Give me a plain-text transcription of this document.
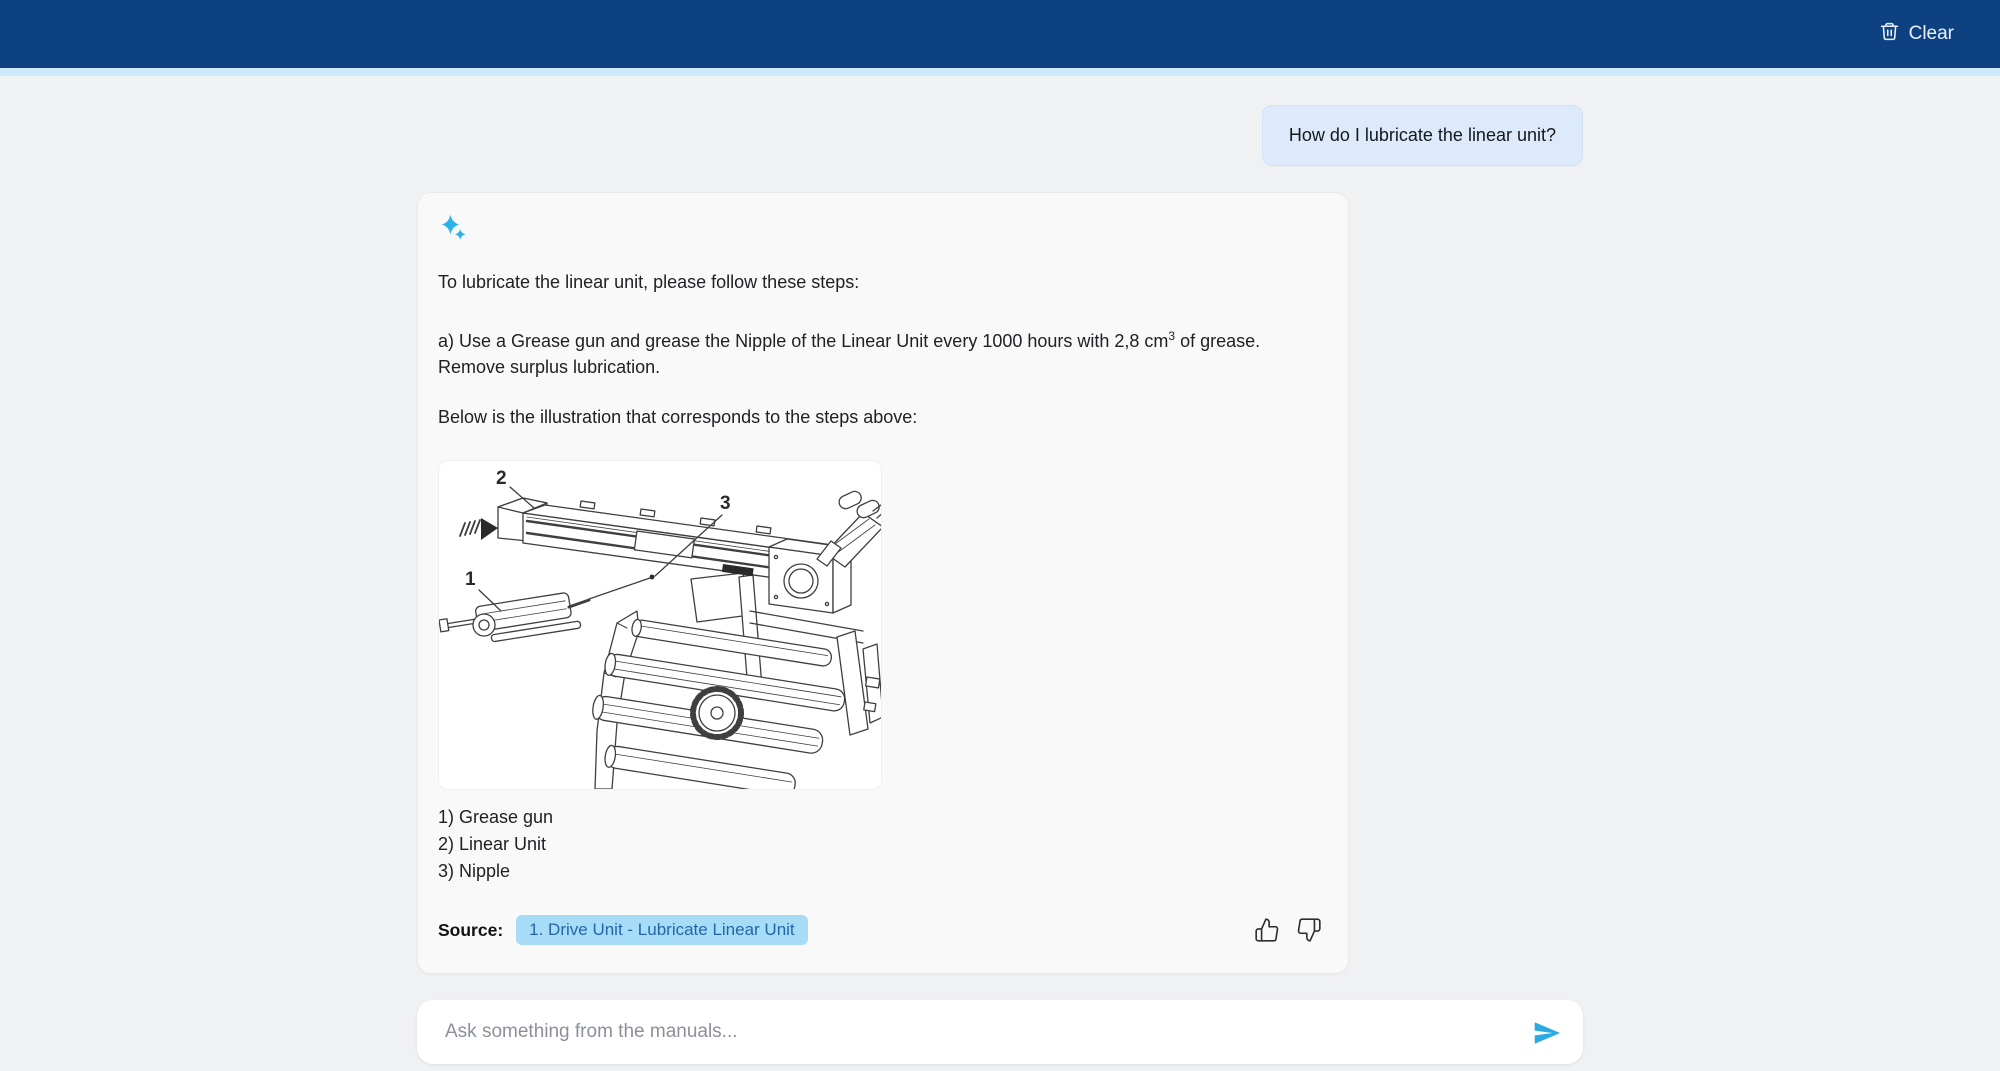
Clear
How do I lubricate the linear unit?

To lubricate the linear unit, please follow these steps:

a) Use a Grease gun and grease the Nipple of the Linear Unit every 1000 hours with 2,8 $cm^3$ of grease. Remove surplus lubrication.

Below is the illustration that corresponds to the steps above:

2
3
1
1) Grease gun
2) Linear Unit
3) Nipple
Source:	1. Drive Unit - Lubricate Linear Unit
Ask something from the manuals...
